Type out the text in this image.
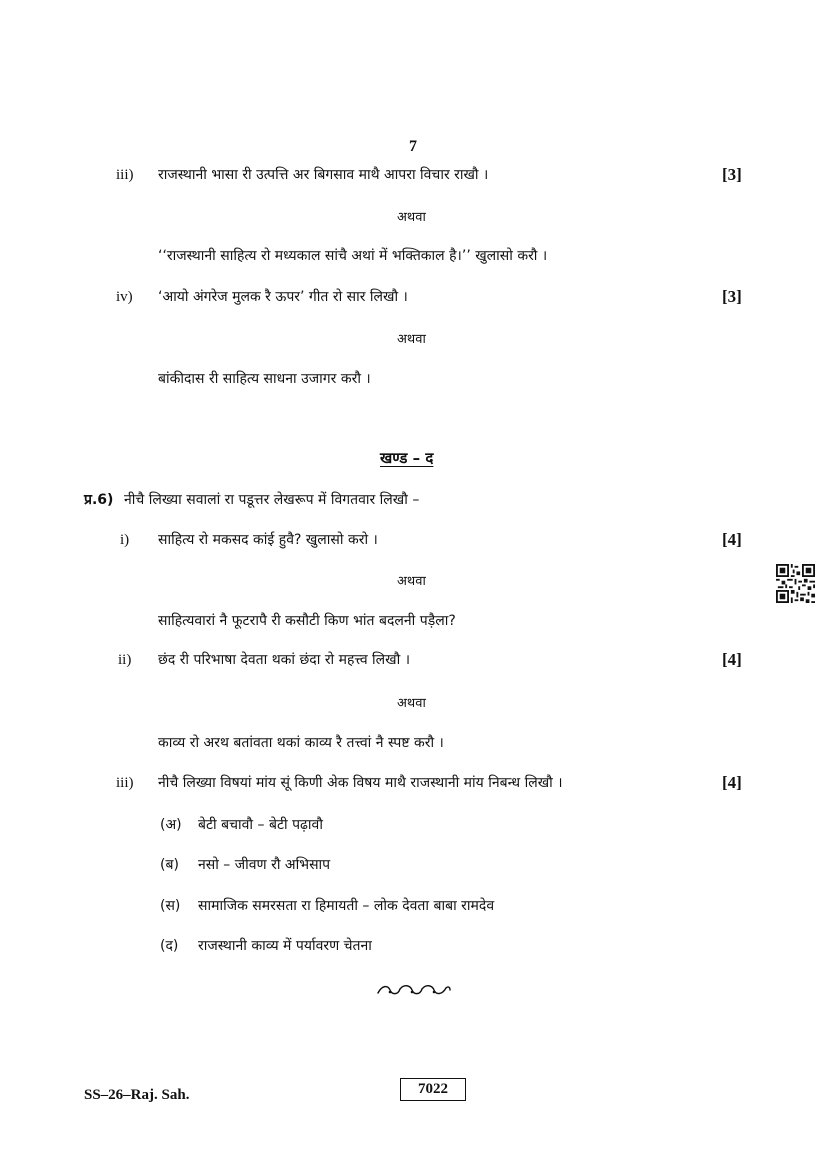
7
iii) राजस्थानी भासा री उत्पत्ति अर बिगसाव माथै आपरा विचार राखौ ।	[3]
अथवा
‘‘राजस्थानी साहित्य रो मध्यकाल सांचै अथां में भक्तिकाल है।’’ खुलासो करौ ।
iv) ‘आयो अंगरेज मुलक रै ऊपर’ गीत रो सार लिखौ ।	[3]
अथवा
बांकीदास री साहित्य साधना उजागर करौ ।
खण्ड – द
प्र.6) नीचै लिख्या सवालां रा पडूत्तर लेखरूप में विगतवार लिखौ –
i) साहित्य रो मकसद कांई हुवै? खुलासो करो ।	[4]
अथवा
साहित्यवारां नै फूटरापै री कसौटी किण भांत बदलनी पड़ैला?
ii) छंद री परिभाषा देवता थकां छंदा रो महत्त्व लिखौ ।	[4]
अथवा
काव्य रो अरथ बतांवता थकां काव्य रै तत्त्वां नै स्पष्ट करौ ।
iii) नीचै लिख्या विषयां मांय सूं किणी अेक विषय माथै राजस्थानी मांय निबन्ध लिखौ ।	[4]
(अ) बेटी बचावौ – बेटी पढ़ावौ
(ब) नसो – जीवण रौ अभिसाप
(स) सामाजिक समरसता रा हिमायती – लोक देवता बाबा रामदेव
(द) राजस्थानी काव्य में पर्यावरण चेतना
SS–26–Raj. Sah.	7022
